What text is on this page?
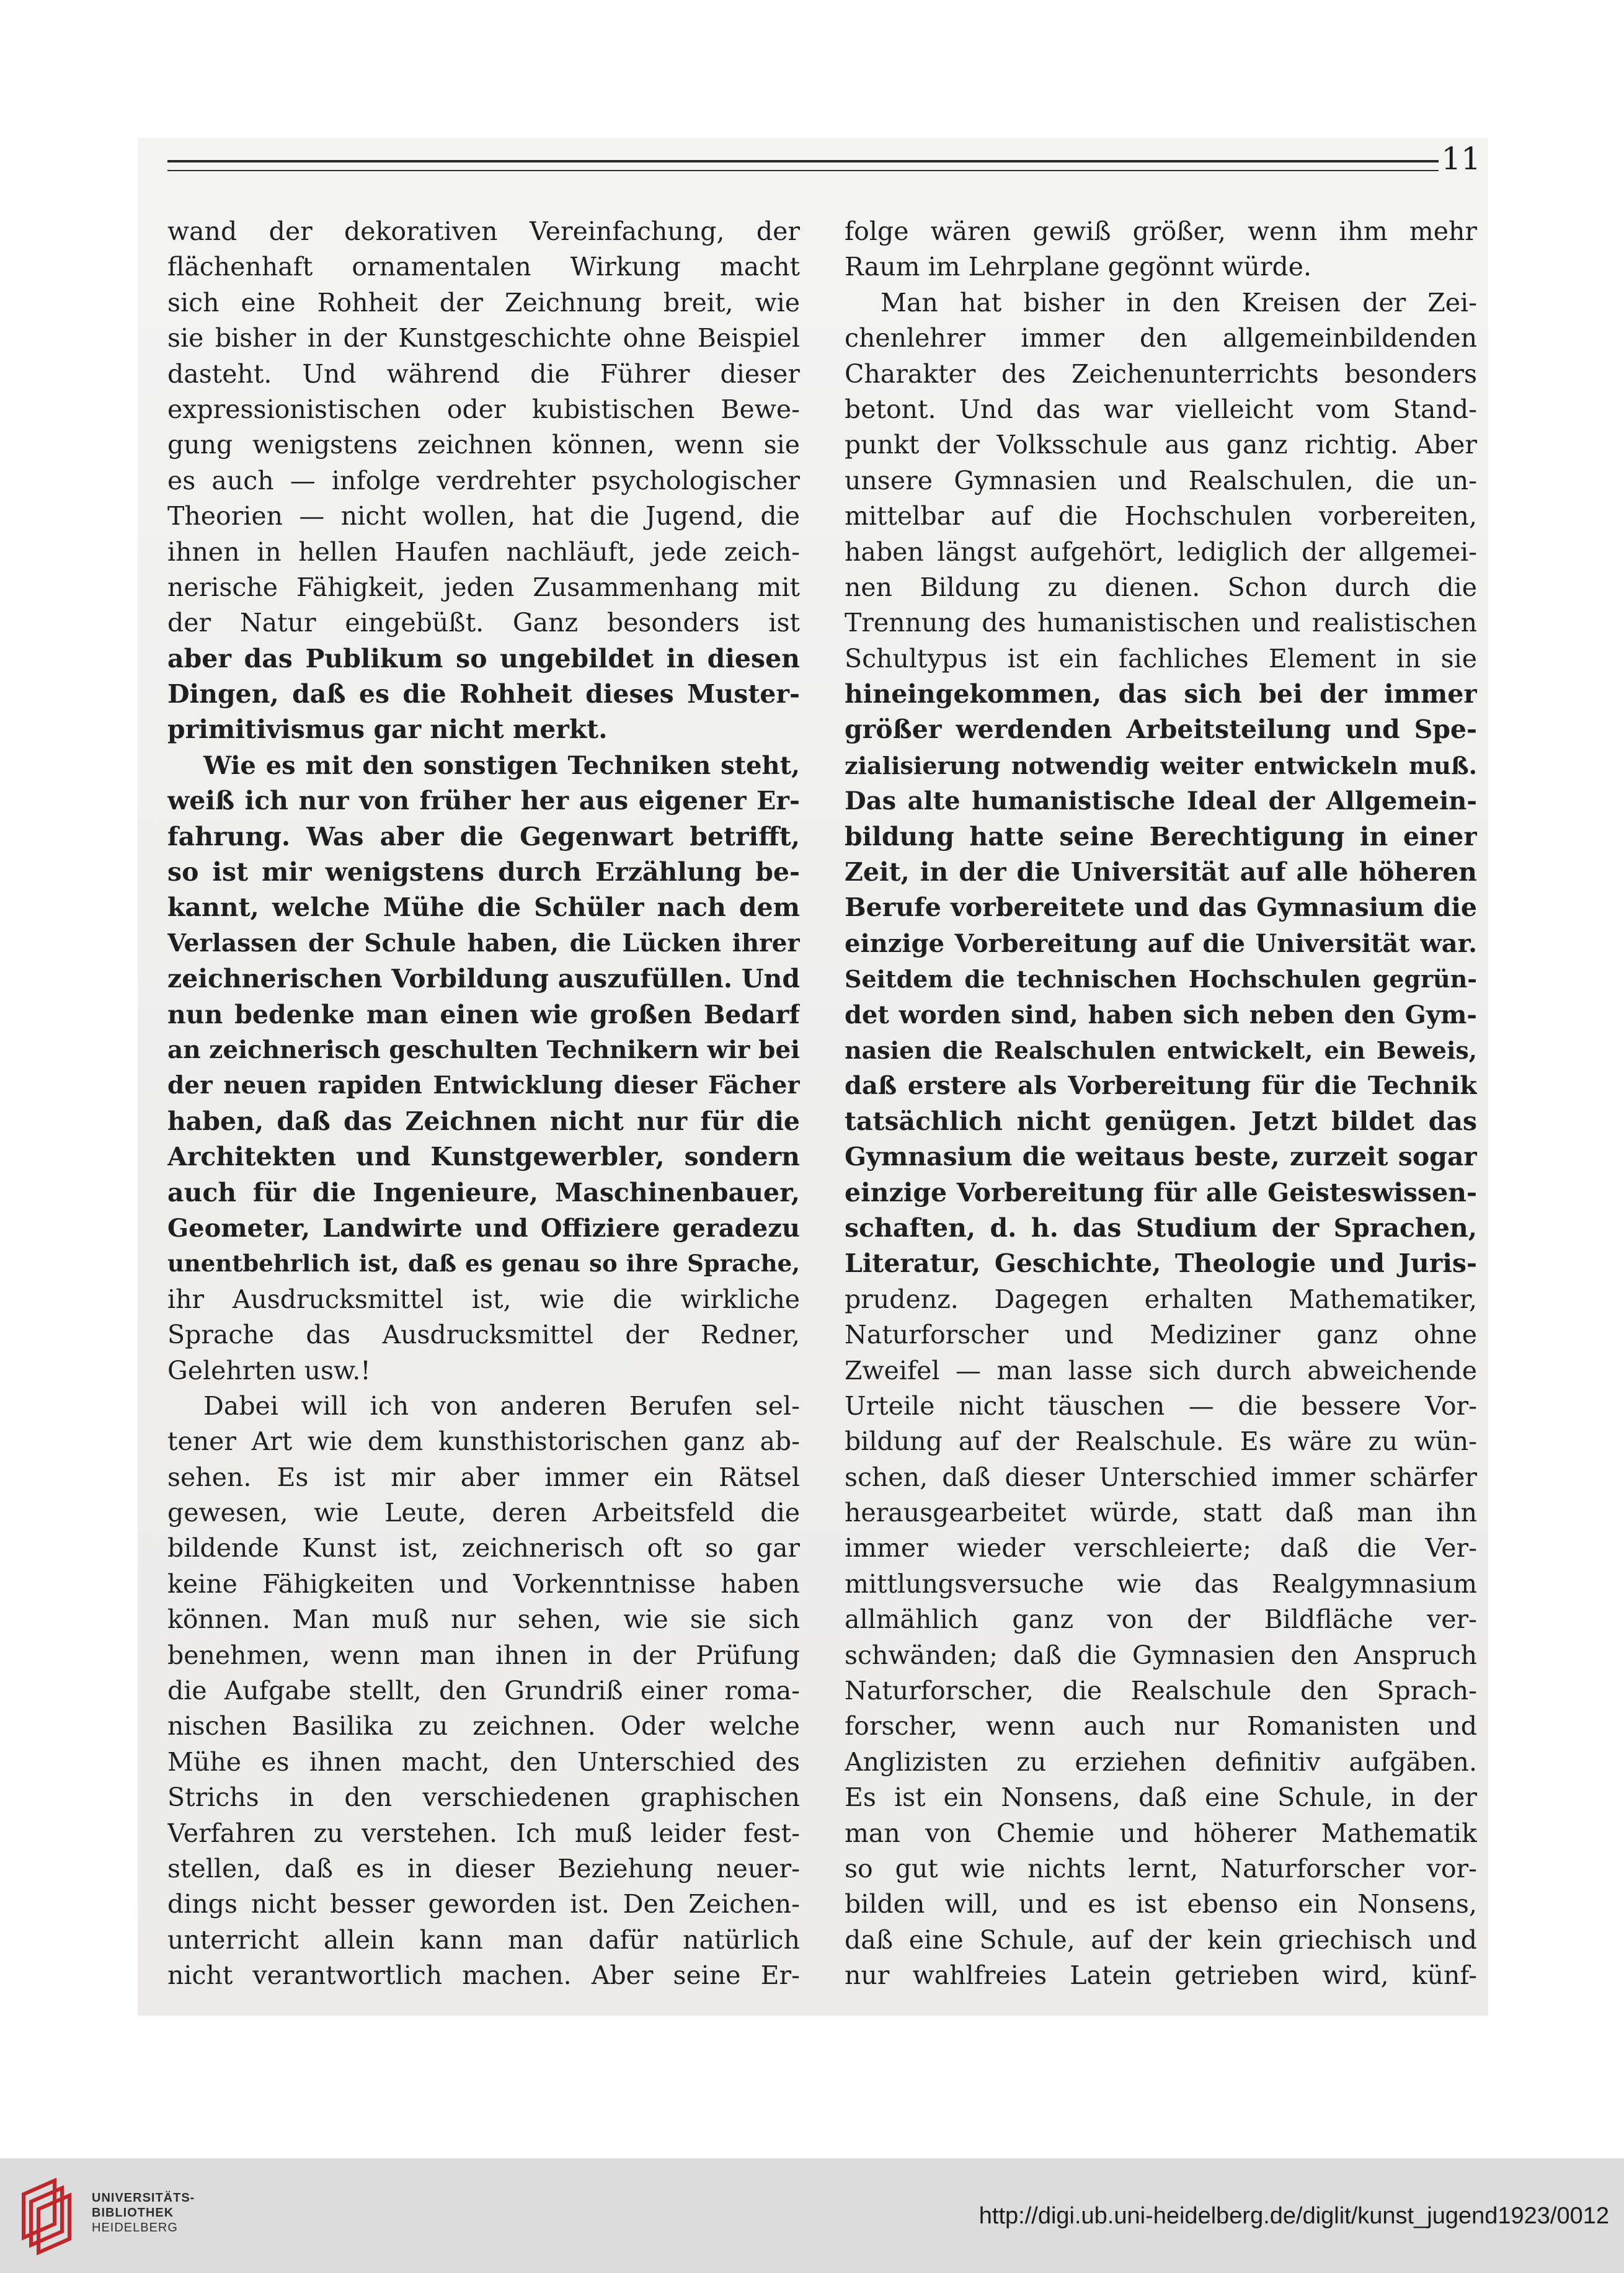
11
wand der dekorativen Vereinfachung, der
flächenhaft ornamentalen Wirkung macht
sich eine Rohheit der Zeichnung breit, wie
sie bisher in der Kunstgeschichte ohne Beispiel
dasteht. Und während die Führer dieser
expressionistischen oder kubistischen Bewe-
gung wenigstens zeichnen können, wenn sie
es auch — infolge verdrehter psychologischer
Theorien — nicht wollen, hat die Jugend, die
ihnen in hellen Haufen nachläuft, jede zeich-
nerische Fähigkeit, jeden Zusammenhang mit
der Natur eingebüßt. Ganz besonders ist
aber das Publikum so ungebildet in diesen
Dingen, daß es die Rohheit dieses Muster-
primitivismus gar nicht merkt.
Wie es mit den sonstigen Techniken steht,
weiß ich nur von früher her aus eigener Er-
fahrung. Was aber die Gegenwart betrifft,
so ist mir wenigstens durch Erzählung be-
kannt, welche Mühe die Schüler nach dem
Verlassen der Schule haben, die Lücken ihrer
zeichnerischen Vorbildung auszufüllen. Und
nun bedenke man einen wie großen Bedarf
an zeichnerisch geschulten Technikern wir bei
der neuen rapiden Entwicklung dieser Fächer
haben, daß das Zeichnen nicht nur für die
Architekten und Kunstgewerbler, sondern
auch für die Ingenieure, Maschinenbauer,
Geometer, Landwirte und Offiziere geradezu
unentbehrlich ist, daß es genau so ihre Sprache,
ihr Ausdrucksmittel ist, wie die wirkliche
Sprache das Ausdrucksmittel der Redner,
Gelehrten usw.!
Dabei will ich von anderen Berufen sel-
tener Art wie dem kunsthistorischen ganz ab-
sehen. Es ist mir aber immer ein Rätsel
gewesen, wie Leute, deren Arbeitsfeld die
bildende Kunst ist, zeichnerisch oft so gar
keine Fähigkeiten und Vorkenntnisse haben
können. Man muß nur sehen, wie sie sich
benehmen, wenn man ihnen in der Prüfung
die Aufgabe stellt, den Grundriß einer roma-
nischen Basilika zu zeichnen. Oder welche
Mühe es ihnen macht, den Unterschied des
Strichs in den verschiedenen graphischen
Verfahren zu verstehen. Ich muß leider fest-
stellen, daß es in dieser Beziehung neuer-
dings nicht besser geworden ist. Den Zeichen-
unterricht allein kann man dafür natürlich
nicht verantwortlich machen. Aber seine Er-
folge wären gewiß größer, wenn ihm mehr
Raum im Lehrplane gegönnt würde.
Man hat bisher in den Kreisen der Zei-
chenlehrer immer den allgemeinbildenden
Charakter des Zeichenunterrichts besonders
betont. Und das war vielleicht vom Stand-
punkt der Volksschule aus ganz richtig. Aber
unsere Gymnasien und Realschulen, die un-
mittelbar auf die Hochschulen vorbereiten,
haben längst aufgehört, lediglich der allgemei-
nen Bildung zu dienen. Schon durch die
Trennung des humanistischen und realistischen
Schultypus ist ein fachliches Element in sie
hineingekommen, das sich bei der immer
größer werdenden Arbeitsteilung und Spe-
zialisierung notwendig weiter entwickeln muß.
Das alte humanistische Ideal der Allgemein-
bildung hatte seine Berechtigung in einer
Zeit, in der die Universität auf alle höheren
Berufe vorbereitete und das Gymnasium die
einzige Vorbereitung auf die Universität war.
Seitdem die technischen Hochschulen gegrün-
det worden sind, haben sich neben den Gym-
nasien die Realschulen entwickelt, ein Beweis,
daß erstere als Vorbereitung für die Technik
tatsächlich nicht genügen. Jetzt bildet das
Gymnasium die weitaus beste, zurzeit sogar
einzige Vorbereitung für alle Geisteswissen-
schaften, d. h. das Studium der Sprachen,
Literatur, Geschichte, Theologie und Juris-
prudenz. Dagegen erhalten Mathematiker,
Naturforscher und Mediziner ganz ohne
Zweifel — man lasse sich durch abweichende
Urteile nicht täuschen — die bessere Vor-
bildung auf der Realschule. Es wäre zu wün-
schen, daß dieser Unterschied immer schärfer
herausgearbeitet würde, statt daß man ihn
immer wieder verschleierte; daß die Ver-
mittlungsversuche wie das Realgymnasium
allmählich ganz von der Bildfläche ver-
schwänden; daß die Gymnasien den Anspruch
Naturforscher, die Realschule den Sprach-
forscher, wenn auch nur Romanisten und
Anglizisten zu erziehen definitiv aufgäben.
Es ist ein Nonsens, daß eine Schule, in der
man von Chemie und höherer Mathematik
so gut wie nichts lernt, Naturforscher vor-
bilden will, und es ist ebenso ein Nonsens,
daß eine Schule, auf der kein griechisch und
nur wahlfreies Latein getrieben wird, künf-
UNIVERSITÄTS-
BIBLIOTHEK
HEIDELBERG	http://digi.ub.uni-heidelberg.de/diglit/kunst_jugend1923/0012
